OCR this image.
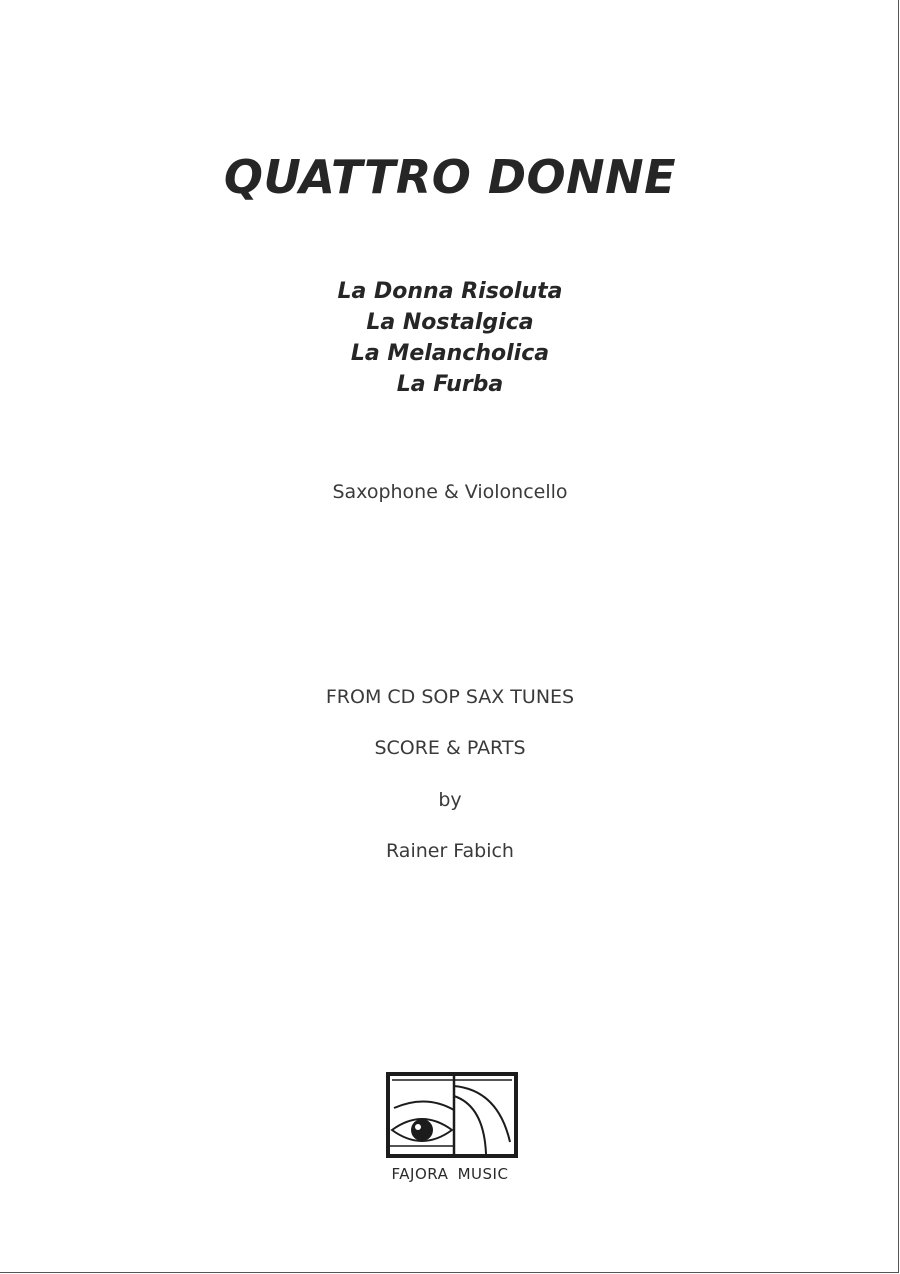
QUATTRO DONNE
La Donna Risoluta
La Nostalgica
La Melancholica
La Furba
Saxophone & Violoncello
FROM CD SOP SAX TUNES
SCORE & PARTS
by
Rainer Fabich
FAJORA MUSIC
